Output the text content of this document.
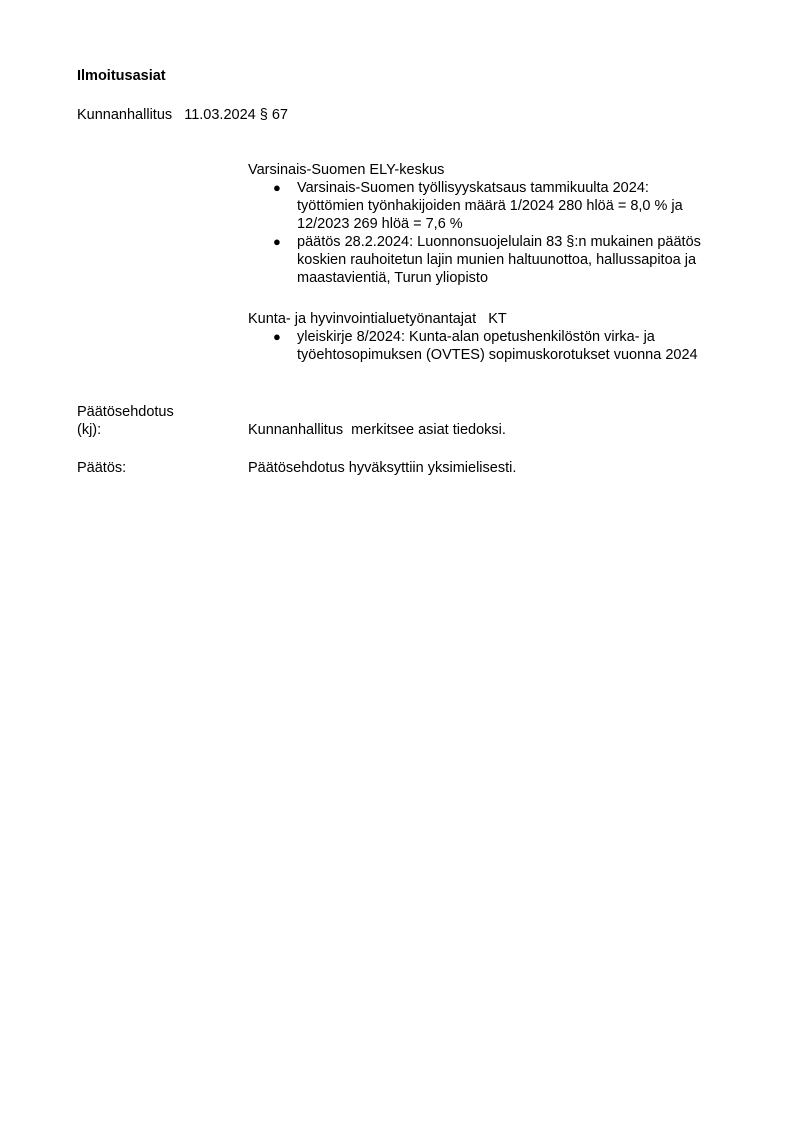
Ilmoitusasiat
Kunnanhallitus   11.03.2024 § 67
Varsinais-Suomen ELY-keskus
● Varsinais-Suomen työllisyyskatsaus tammikuulta 2024: työttömien työnhakijoiden määrä 1/2024 280 hlöä = 8,0 % ja 12/2023 269 hlöä = 7,6 %
● päätös 28.2.2024: Luonnonsuojelulain 83 §:n mukainen päätös koskien rauhoitetun lajin munien haltuunottoa, hallussapitoa ja maastavientiä, Turun yliopisto
Kunta- ja hyvinvointialuetyönantajat   KT
● yleiskirje 8/2024: Kunta-alan opetushenkilöstön virka- ja työehtosopimuksen (OVTES) sopimuskorotukset vuonna 2024
Päätösehdotus
(kj):	Kunnanhallitus  merkitsee asiat tiedoksi.
Päätös:	Päätösehdotus hyväksyttiin yksimielisesti.
